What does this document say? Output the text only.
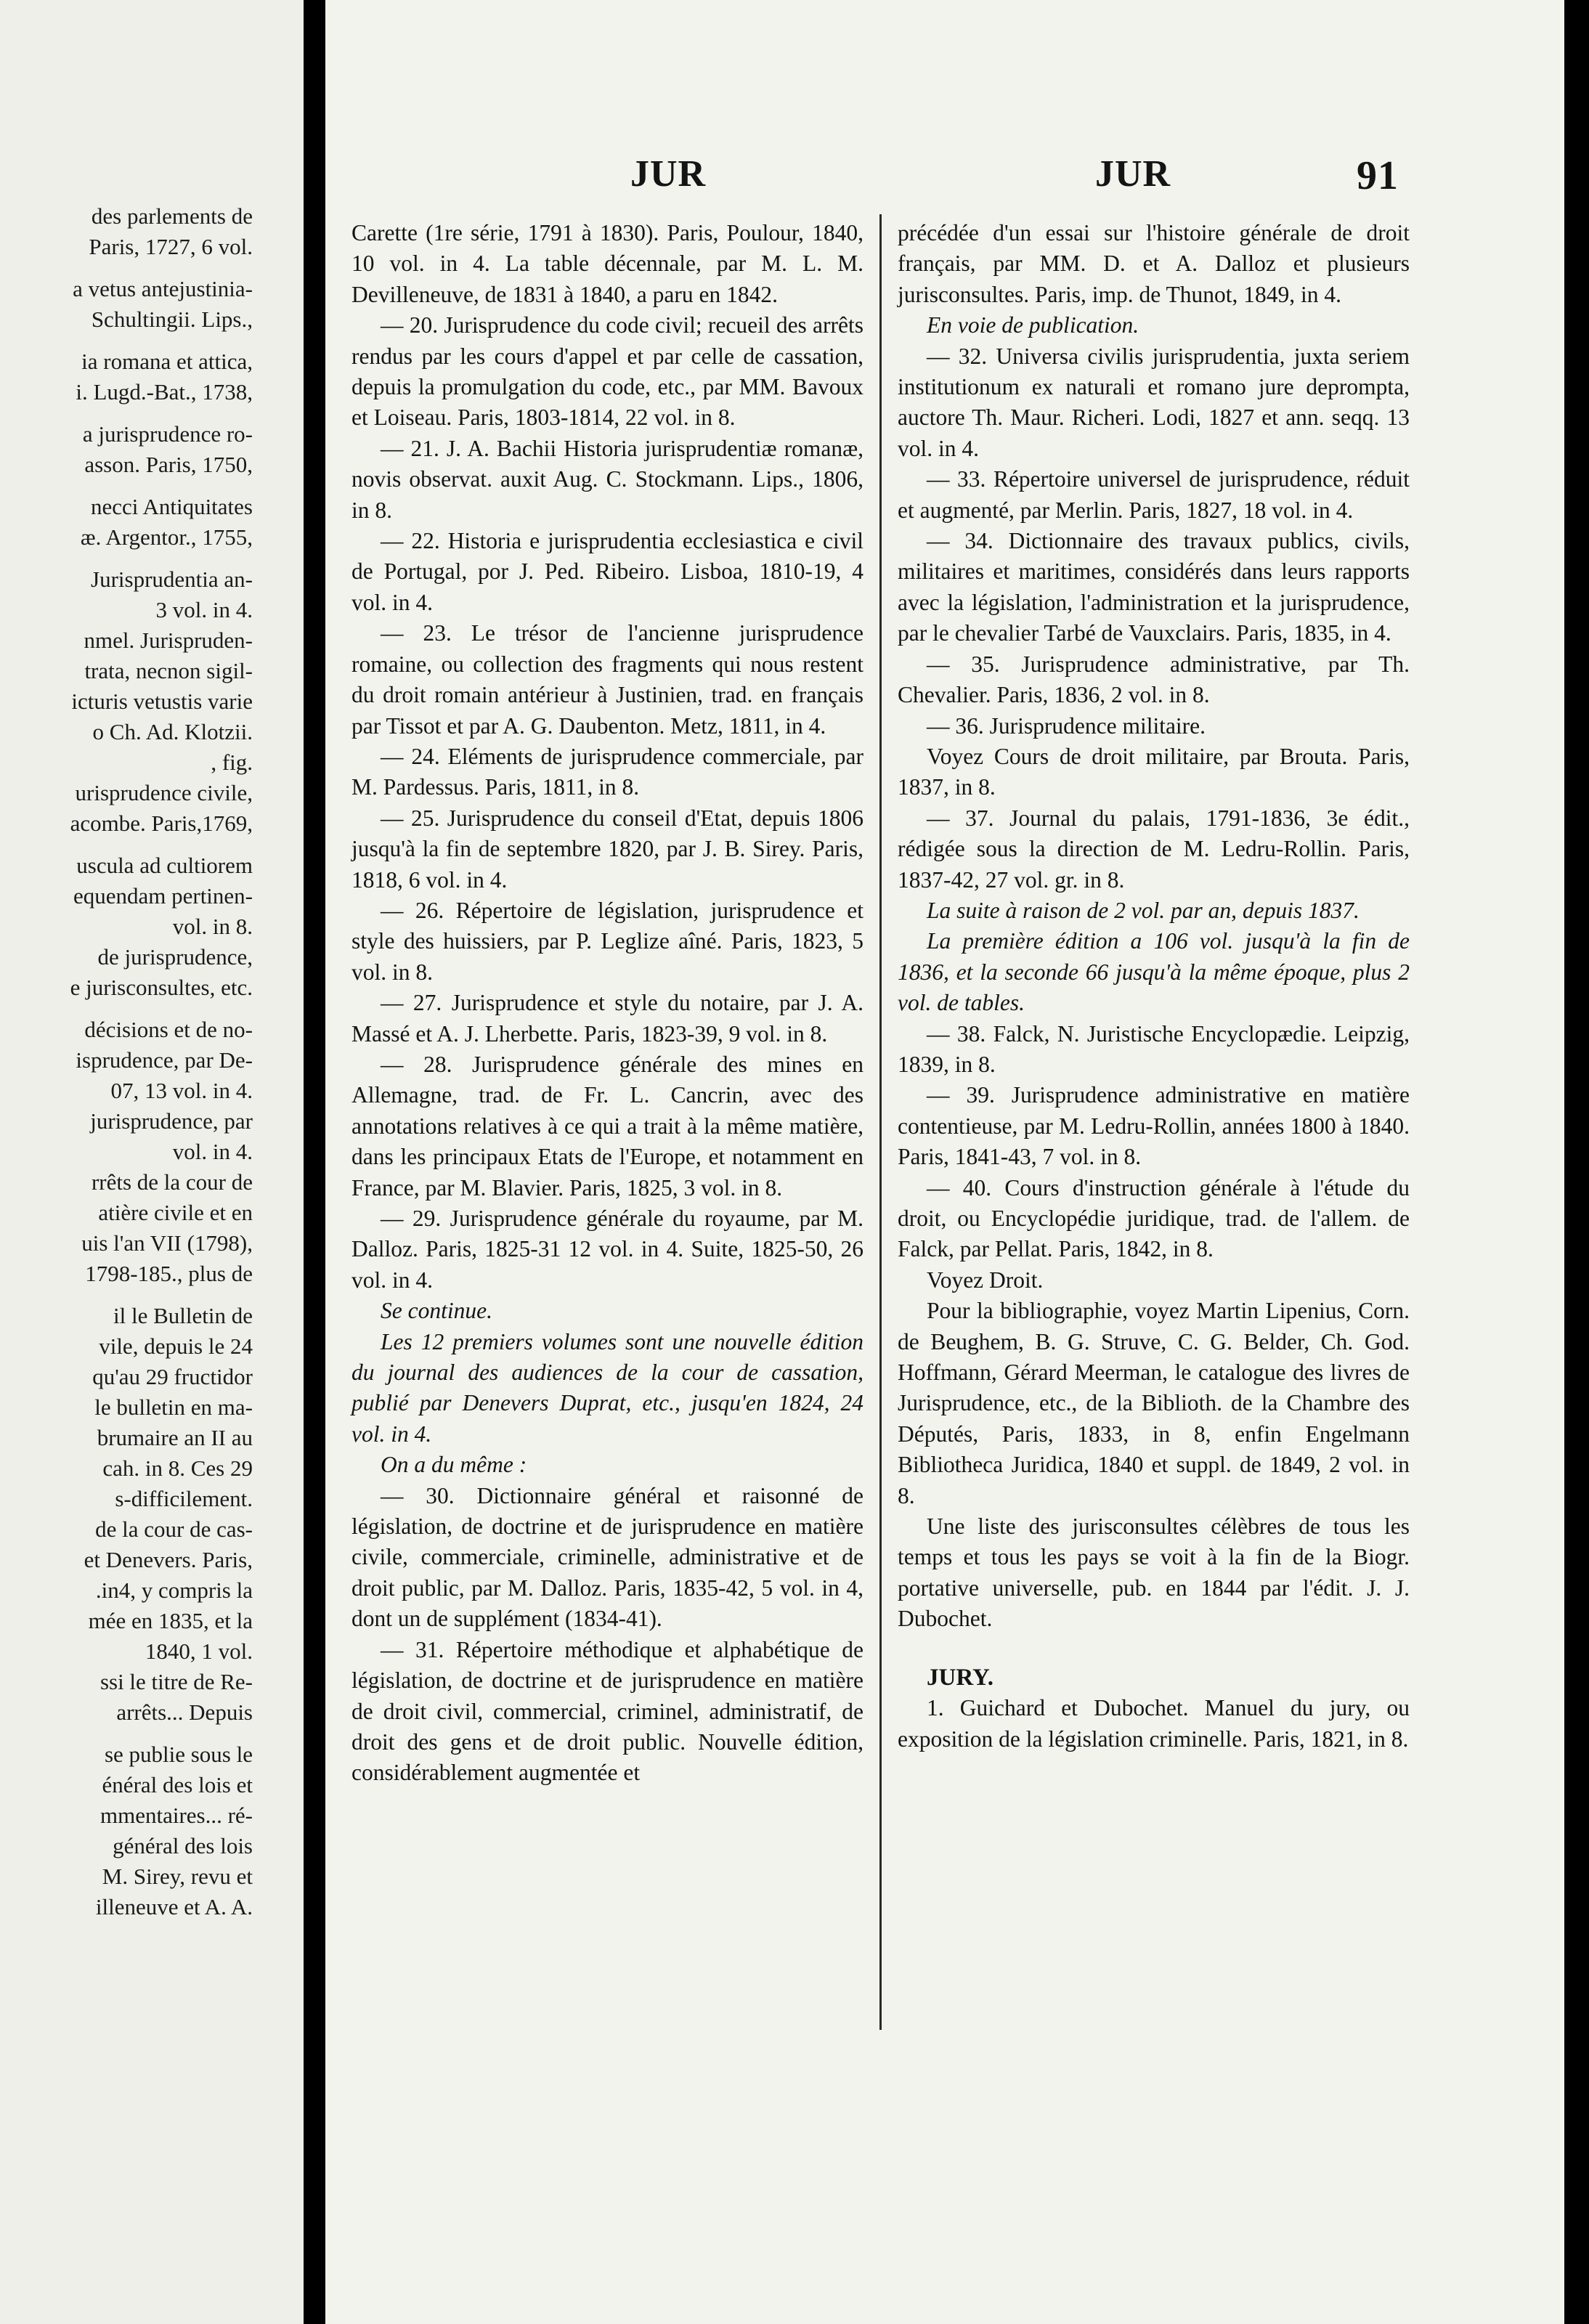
des parlements de
Paris, 1727, 6 vol.
a vetus antejustinia-
Schultingii. Lips.,
ia romana et attica,
i. Lugd.-Bat., 1738,
a jurisprudence ro-
asson. Paris, 1750,
necci Antiquitates
æ. Argentor., 1755,
Jurisprudentia an-
3 vol. in 4.
nmel. Jurispruden-
trata, necnon sigil-
icturis vetustis varie
o Ch. Ad. Klotzii.
, fig.
urisprudence civile,
acombe. Paris,1769,
uscula ad cultiorem
equendam pertinen-
vol. in 8.
de jurisprudence,
e jurisconsultes, etc.
décisions et de no-
isprudence, par De-
07, 13 vol. in 4.
jurisprudence, par
vol. in 4.
rrêts de la cour de
atière civile et en
uis l'an VII (1798),
1798-185., plus de
il le Bulletin de
vile, depuis le 24
qu'au 29 fructidor
le bulletin en ma-
brumaire an II au
cah. in 8. Ces 29
s-difficilement.
de la cour de cas-
et Denevers. Paris,
.in4, y compris la
mée en 1835, et la
1840, 1 vol.
ssi le titre de Re-
arrêts... Depuis
se publie sous le
énéral des lois et
mmentaires... ré-
général des lois
M. Sirey, revu et
illeneuve et A. A.
JUR	JUR	91

Carette (1re série, 1791 à 1830). Paris, Poulour, 1840, 10 vol. in 4. La table décennale, par M. L. M. Devilleneuve, de 1831 à 1840, a paru en 1842.

— 20. Jurisprudence du code civil; recueil des arrêts rendus par les cours d'appel et par celle de cassation, depuis la promulgation du code, etc., par MM. Bavoux et Loiseau. Paris, 1803-1814, 22 vol. in 8.

— 21. J. A. Bachii Historia jurisprudentiæ romanæ, novis observat. auxit Aug. C. Stockmann. Lips., 1806, in 8.

— 22. Historia e jurisprudentia ecclesiastica e civil de Portugal, por J. Ped. Ribeiro. Lisboa, 1810-19, 4 vol. in 4.

— 23. Le trésor de l'ancienne jurisprudence romaine, ou collection des fragments qui nous restent du droit romain antérieur à Justinien, trad. en français par Tissot et par A. G. Daubenton. Metz, 1811, in 4.

— 24. Eléments de jurisprudence commerciale, par M. Pardessus. Paris, 1811, in 8.

— 25. Jurisprudence du conseil d'Etat, depuis 1806 jusqu'à la fin de septembre 1820, par J. B. Sirey. Paris, 1818, 6 vol. in 4.

— 26. Répertoire de législation, jurisprudence et style des huissiers, par P. Leglize aîné. Paris, 1823, 5 vol. in 8.

— 27. Jurisprudence et style du notaire, par J. A. Massé et A. J. Lherbette. Paris, 1823-39, 9 vol. in 8.

— 28. Jurisprudence générale des mines en Allemagne, trad. de Fr. L. Cancrin, avec des annotations relatives à ce qui a trait à la même matière, dans les principaux Etats de l'Europe, et notamment en France, par M. Blavier. Paris, 1825, 3 vol. in 8.

— 29. Jurisprudence générale du royaume, par M. Dalloz. Paris, 1825-31 12 vol. in 4. Suite, 1825-50, 26 vol. in 4.

Se continue.

Les 12 premiers volumes sont une nouvelle édition du journal des audiences de la cour de cassation, publié par Denevers Duprat, etc., jusqu'en 1824, 24 vol. in 4.

On a du même :

— 30. Dictionnaire général et raisonné de législation, de doctrine et de jurisprudence en matière civile, commerciale, criminelle, administrative et de droit public, par M. Dalloz. Paris, 1835-42, 5 vol. in 4, dont un de supplément (1834-41).

— 31. Répertoire méthodique et alphabétique de législation, de doctrine et de jurisprudence en matière de droit civil, commercial, criminel, administratif, de droit des gens et de droit public. Nouvelle édition, considérablement augmentée et

précédée d'un essai sur l'histoire générale de droit français, par MM. D. et A. Dalloz et plusieurs jurisconsultes. Paris, imp. de Thunot, 1849, in 4.

En voie de publication.

— 32. Universa civilis jurisprudentia, juxta seriem institutionum ex naturali et romano jure deprompta, auctore Th. Maur. Richeri. Lodi, 1827 et ann. seqq. 13 vol. in 4.

— 33. Répertoire universel de jurisprudence, réduit et augmenté, par Merlin. Paris, 1827, 18 vol. in 4.

— 34. Dictionnaire des travaux publics, civils, militaires et maritimes, considérés dans leurs rapports avec la législation, l'administration et la jurisprudence, par le chevalier Tarbé de Vauxclairs. Paris, 1835, in 4.

— 35. Jurisprudence administrative, par Th. Chevalier. Paris, 1836, 2 vol. in 8.

— 36. Jurisprudence militaire.

Voyez Cours de droit militaire, par Brouta. Paris, 1837, in 8.

— 37. Journal du palais, 1791-1836, 3e édit., rédigée sous la direction de M. Ledru-Rollin. Paris, 1837-42, 27 vol. gr. in 8.

La suite à raison de 2 vol. par an, depuis 1837.

La première édition a 106 vol. jusqu'à la fin de 1836, et la seconde 66 jusqu'à la même époque, plus 2 vol. de tables.

— 38. Falck, N. Juristische Encyclopædie. Leipzig, 1839, in 8.

— 39. Jurisprudence administrative en matière contentieuse, par M. Ledru-Rollin, années 1800 à 1840. Paris, 1841-43, 7 vol. in 8.

— 40. Cours d'instruction générale à l'étude du droit, ou Encyclopédie juridique, trad. de l'allem. de Falck, par Pellat. Paris, 1842, in 8.

Voyez Droit.

Pour la bibliographie, voyez Martin Lipenius, Corn. de Beughem, B. G. Struve, C. G. Belder, Ch. God. Hoffmann, Gérard Meerman, le catalogue des livres de Jurisprudence, etc., de la Biblioth. de la Chambre des Députés, Paris, 1833, in 8, enfin Engelmann Bibliotheca Juridica, 1840 et suppl. de 1849, 2 vol. in 8.

Une liste des jurisconsultes célèbres de tous les temps et tous les pays se voit à la fin de la Biogr. portative universelle, pub. en 1844 par l'édit. J. J. Dubochet.

JURY.

1. Guichard et Dubochet. Manuel du jury, ou exposition de la législation criminelle. Paris, 1821, in 8.
